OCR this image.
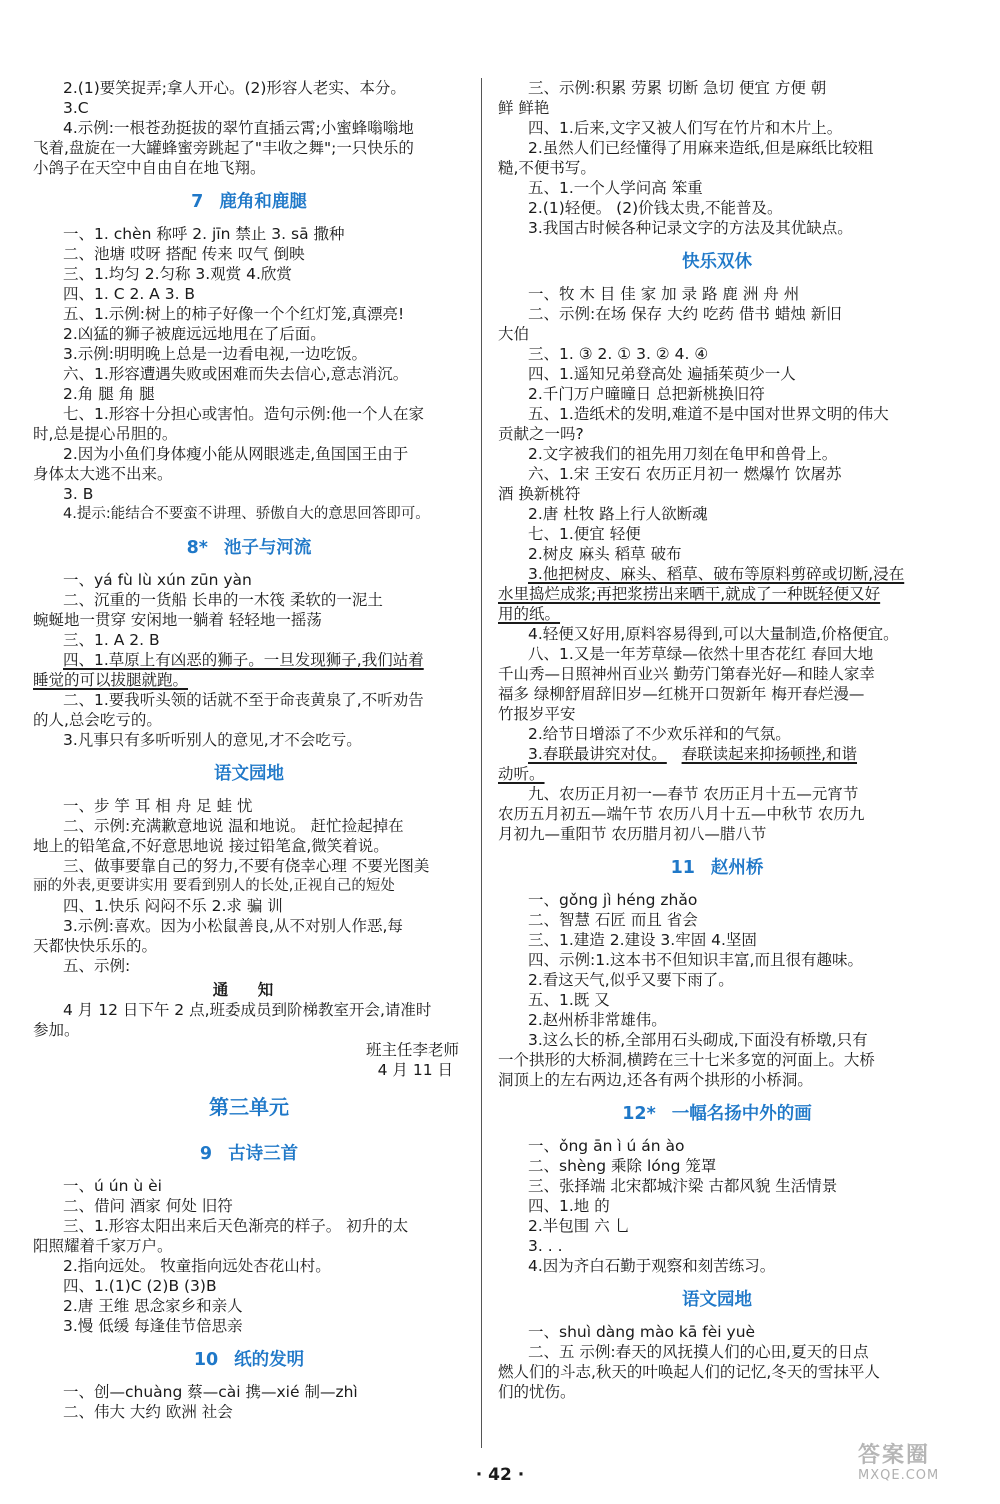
2.(1)要笑捉弄;拿人开心。(2)形容人老实、本分。
3.C
4.示例:一根苍劲挺拔的翠竹直插云霄;小蜜蜂嗡嗡地
飞着,盘旋在一大罐蜂蜜旁跳起了"丰收之舞";一只快乐的
小鸽子在天空中自由自在地飞翔。
7 鹿角和鹿腿
一、1. chèn 称呼 2. jīn 禁止 3. sā 撒种
二、池塘 哎呀 搭配 传来 叹气 倒映
三、1.均匀 2.匀称 3.观赏 4.欣赏
四、1. C 2. A 3. B
五、1.示例:树上的柿子好像一个个红灯笼,真漂亮!
2.凶猛的狮子被鹿远远地甩在了后面。
3.示例:明明晚上总是一边看电视,一边吃饭。
六、1.形容遭遇失败或困难而失去信心,意志消沉。
2.角 腿 角 腿
七、1.形容十分担心或害怕。造句示例:他一个人在家
时,总是提心吊胆的。
2.因为小鱼们身体瘦小能从网眼逃走,鱼国国王由于
身体太大逃不出来。
3. B
4.提示:能结合不要蛮不讲理、骄傲自大的意思回答即可。
8* 池子与河流
一、yá fù lù xún zūn yàn
二、沉重的一货船 长串的一木筏 柔软的一泥土
蜿蜒地一贯穿 安闲地一躺着 轻轻地一摇荡
三、1. A 2. B
四、1.草原上有凶恶的狮子。一旦发现狮子,我们站着
睡觉的可以拔腿就跑。
二、1.要我听头领的话就不至于命丧黄泉了,不听劝告
的人,总会吃亏的。
3.凡事只有多听听别人的意见,才不会吃亏。
语文园地
一、步 竽 耳 相 舟 足 蛙 忧
二、示例:充满歉意地说 温和地说。 赶忙捡起掉在
地上的铅笔盒,不好意思地说 接过铅笔盒,微笑着说。
三、做事要靠自己的努力,不要有侥幸心理 不要光图美
丽的外表,更要讲实用 要看到别人的长处,正视自己的短处
四、1.快乐 闷闷不乐 2.求 骗 训
3.示例:喜欢。因为小松鼠善良,从不对别人作恶,每
天都快快乐乐的。
五、示例:
通 知
4 月 12 日下午 2 点,班委成员到阶梯教室开会,请准时
参加。
班主任李老师
4 月 11 日
第三单元
9 古诗三首
一、ú ún ù èi
二、借问 酒家 何处 旧符
三、1.形容太阳出来后天色渐亮的样子。 初升的太
阳照耀着千家万户。
2.指向远处。 牧童指向远处杏花山村。
四、1.(1)C (2)B (3)B
2.唐 王维 思念家乡和亲人
3.慢 低缓 每逢佳节倍思亲
10 纸的发明
一、创—chuàng 蔡—cài 携—xié 制—zhì
二、伟大 大约 欧洲 社会
三、示例:积累 劳累 切断 急切 便宜 方便 朝
鲜 鲜艳
四、1.后来,文字又被人们写在竹片和木片上。
2.虽然人们已经懂得了用麻来造纸,但是麻纸比较粗
糙,不便书写。
五、1.一个人学问高 笨重
2.(1)轻便。 (2)价钱太贵,不能普及。
3.我国古时候各种记录文字的方法及其优缺点。
快乐双休
一、牧 木 目 佳 家 加 录 路 鹿 洲 舟 州
二、示例:在场 保存 大约 吃药 借书 蜡烛 新旧
大伯
三、1. ③ 2. ① 3. ② 4. ④
四、1.遥知兄弟登高处 遍插茱萸少一人
2.千门万户曈曈日 总把新桃换旧符
五、1.造纸术的发明,难道不是中国对世界文明的伟大
贡献之一吗?
2.文字被我们的祖先用刀刻在龟甲和兽骨上。
六、1.宋 王安石 农历正月初一 燃爆竹 饮屠苏
酒 换新桃符
2.唐 杜牧 路上行人欲断魂
七、1.便宜 轻便
2.树皮 麻头 稻草 破布
3.他把树皮、麻头、稻草、破布等原料剪碎或切断,浸在
水里捣烂成浆;再把浆捞出来晒干,就成了一种既轻便又好
用的纸。
4.轻便又好用,原料容易得到,可以大量制造,价格便宜。
八、1.又是一年芳草绿—依然十里杏花红 春回大地
千山秀—日照神州百业兴 勤劳门第春光好—和睦人家幸
福多 绿柳舒眉辞旧岁—红桃开口贺新年 梅开春烂漫—
竹报岁平安
2.给节日增添了不少欢乐祥和的气氛。
3.春联最讲究对仗。 春联读起来抑扬顿挫,和谐
动听。
九、农历正月初一—春节 农历正月十五—元宵节
农历五月初五—端午节 农历八月十五—中秋节 农历九
月初九—重阳节 农历腊月初八—腊八节
11 赵州桥
一、gǒng jì héng zhǎo
二、智慧 石匠 而且 省会
三、1.建造 2.建设 3.牢固 4.坚固
四、示例:1.这本书不但知识丰富,而且很有趣味。
2.看这天气,似乎又要下雨了。
五、1.既 又
2.赵州桥非常雄伟。
3.这么长的桥,全部用石头砌成,下面没有桥墩,只有
一个拱形的大桥洞,横跨在三十七米多宽的河面上。大桥
洞顶上的左右两边,还各有两个拱形的小桥洞。
12* 一幅名扬中外的画
一、ǒng ān ì ú án ào
二、shèng 乘除 lóng 笼罩
三、张择端 北宋都城汴梁 古都风貌 生活情景
四、1.地 的
2.半包围 六 乚
3. . .
4.因为齐白石勤于观察和刻苦练习。
语文园地
一、shuì dàng mào kā fèi yuè
二、五 示例:春天的风抚摸人们的心田,夏天的日点
燃人们的斗志,秋天的叶唤起人们的记忆,冬天的雪抹平人
们的忧伤。
· 42 ·
答案圈
MXQE.COM
